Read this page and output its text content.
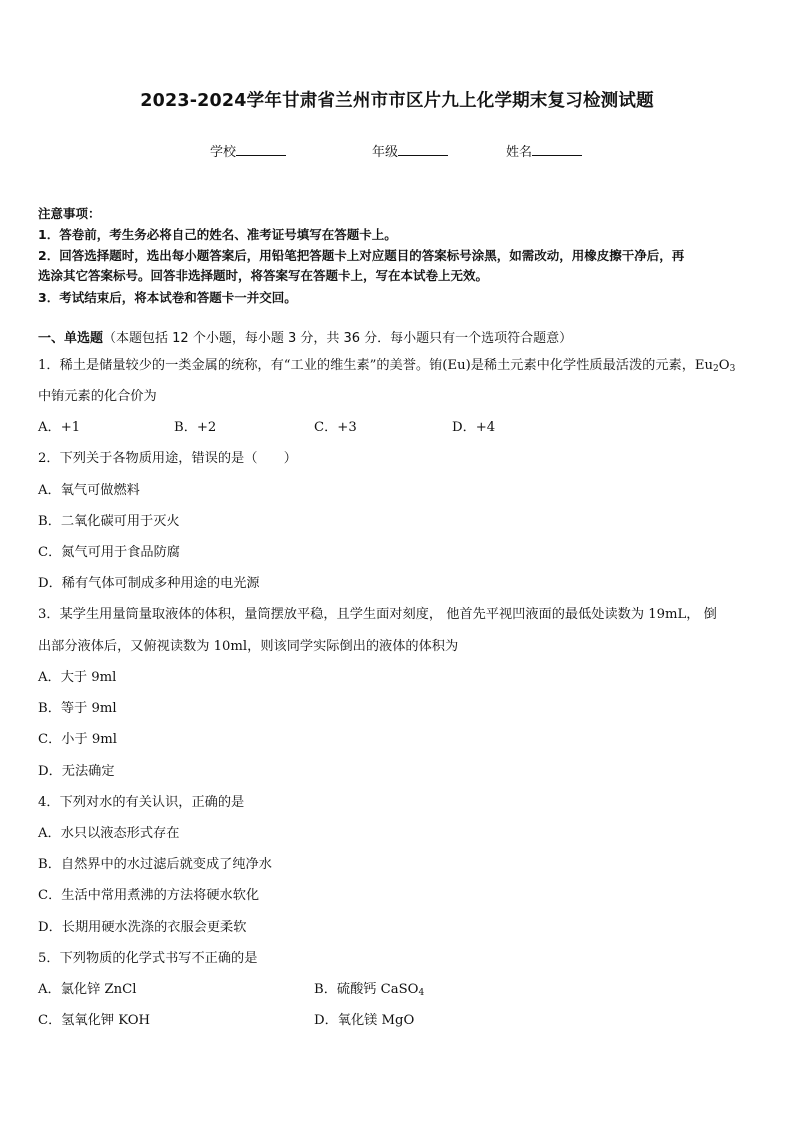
2023-2024学年甘肃省兰州市市区片九上化学期末复习检测试题
学校	年级	姓名
注意事项：
1．答卷前，考生务必将自己的姓名、准考证号填写在答题卡上。
2．回答选择题时，选出每小题答案后，用铅笔把答题卡上对应题目的答案标号涂黑，如需改动，用橡皮擦干净后，再
选涂其它答案标号。回答非选择题时，将答案写在答题卡上，写在本试卷上无效。
3．考试结束后，将本试卷和答题卡一并交回。
一、单选题（本题包括 12 个小题，每小题 3 分，共 36 分．每小题只有一个选项符合题意）
1．稀土是储量较少的一类金属的统称，有“工业的维生素”的美誉。铕(Eu)是稀土元素中化学性质最活泼的元素，$Eu_2O_3$
中铕元素的化合价为
A．+1	B．+2	C．+3	D．+4
2．下列关于各物质用途，错误的是（　　）
A．氧气可做燃料
B．二氧化碳可用于灭火
C．氮气可用于食品防腐
D．稀有气体可制成多种用途的电光源
3．某学生用量筒量取液体的体积，量筒摆放平稳，且学生面对刻度， 他首先平视凹液面的最低处读数为 19mL， 倒
出部分液体后，又俯视读数为 10ml，则该同学实际倒出的液体的体积为
A．大于 9ml
B．等于 9ml
C．小于 9ml
D．无法确定
4．下列对水的有关认识，正确的是
A．水只以液态形式存在
B．自然界中的水过滤后就变成了纯净水
C．生活中常用煮沸的方法将硬水软化
D．长期用硬水洗涤的衣服会更柔软
5．下列物质的化学式书写不正确的是
A．氯化锌 ZnCl	B．硫酸钙 CaSO$_4$
C．氢氧化钾 KOH	D．氧化镁 MgO
